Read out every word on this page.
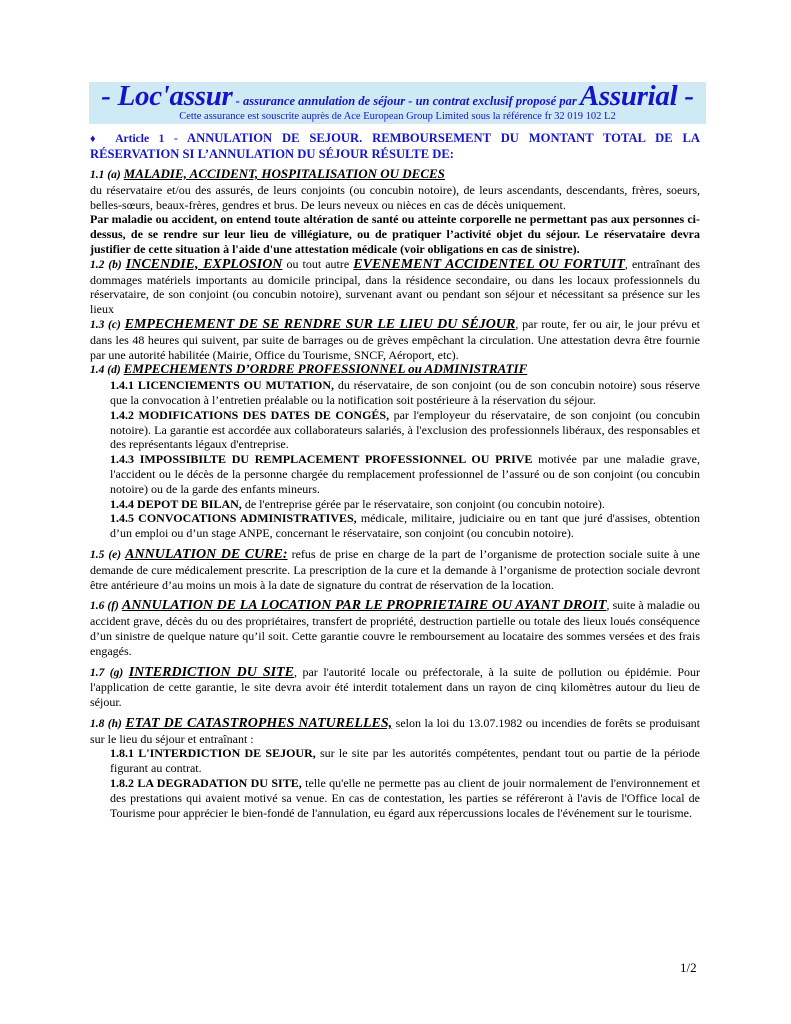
- Loc'assur - assurance annulation de séjour - un contrat exclusif proposé par Assurial -
Cette assurance est souscrite auprès de Ace European Group Limited sous la référence fr 32 019 102 L2
♦ Article 1 - ANNULATION DE SEJOUR. REMBOURSEMENT DU MONTANT TOTAL DE LA RÉSERVATION SI L’ANNULATION DU SÉJOUR RÉSULTE DE:

1.1 (a) MALADIE, ACCIDENT, HOSPITALISATION OU DECES
du réservataire et/ou des assurés, de leurs conjoints (ou concubin notoire), de leurs ascendants, descendants, frères, soeurs, belles-sœurs, beaux-frères, gendres et brus. De leurs neveux ou nièces en cas de décès uniquement.

Par maladie ou accident, on entend toute altération de santé ou atteinte corporelle ne permettant pas aux personnes ci-dessus, de se rendre sur leur lieu de villégiature, ou de pratiquer l’activité objet du séjour. Le réservataire devra justifier de cette situation à l'aide d'une attestation médicale (voir obligations en cas de sinistre).

1.2 (b) INCENDIE, EXPLOSION ou tout autre EVENEMENT ACCIDENTEL OU FORTUIT, entraînant des dommages matériels importants au domicile principal, dans la résidence secondaire, ou dans les locaux professionnels du réservataire, de son conjoint (ou concubin notoire), survenant avant ou pendant son séjour et nécessitant sa présence sur les lieux

1.3 (c) EMPECHEMENT DE SE RENDRE SUR LE LIEU DU SÉJOUR, par route, fer ou air, le jour prévu et dans les 48 heures qui suivent, par suite de barrages ou de grèves empêchant la circulation. Une attestation devra être fournie par une autorité habilitée (Mairie, Office du Tourisme, SNCF, Aéroport, etc).

1.4 (d) EMPECHEMENTS D’ORDRE PROFESSIONNEL ou ADMINISTRATIF

1.4.1 LICENCIEMENTS OU MUTATION, du réservataire, de son conjoint (ou de son concubin notoire) sous réserve que la convocation à l’entretien préalable ou la notification soit postérieure à la réservation du séjour.

1.4.2 MODIFICATIONS DES DATES DE CONGÉS, par l'employeur du réservataire, de son conjoint (ou concubin notoire). La garantie est accordée aux collaborateurs salariés, à l'exclusion des professionnels libéraux, des responsables et des représentants légaux d'entreprise.

1.4.3 IMPOSSIBILTE DU REMPLACEMENT PROFESSIONNEL OU PRIVE motivée par une maladie grave, l'accident ou le décès de la personne chargée du remplacement professionnel de l’assuré ou de son conjoint (ou concubin notoire) ou de la garde des enfants mineurs.

1.4.4 DEPOT DE BILAN, de l'entreprise gérée par le réservataire, son conjoint (ou concubin notoire).

1.4.5 CONVOCATIONS ADMINISTRATIVES, médicale, militaire, judiciaire ou en tant que juré d'assises, obtention d’un emploi ou d’un stage ANPE, concernant le réservataire, son conjoint (ou concubin notoire).

1.5 (e) ANNULATION DE CURE: refus de prise en charge de la part de l’organisme de protection sociale suite à une demande de cure médicalement prescrite. La prescription de la cure et la demande à l’organisme de protection sociale devront être antérieure d’au moins un mois à la date de signature du contrat de réservation de la location.

1.6 (f) ANNULATION DE LA LOCATION PAR LE PROPRIETAIRE OU AYANT DROIT, suite à maladie ou accident grave, décès du ou des propriétaires, transfert de propriété, destruction partielle ou totale des lieux loués conséquence d’un sinistre de quelque nature qu’il soit. Cette garantie couvre le remboursement au locataire des sommes versées et des frais engagés.

1.7 (g) INTERDICTION DU SITE, par l'autorité locale ou préfectorale, à la suite de pollution ou épidémie. Pour l'application de cette garantie, le site devra avoir été interdit totalement dans un rayon de cinq kilomètres autour du lieu de séjour.

1.8 (h) ETAT DE CATASTROPHES NATURELLES, selon la loi du 13.07.1982 ou incendies de forêts se produisant sur le lieu du séjour et entraînant :

1.8.1 L'INTERDICTION DE SEJOUR, sur le site par les autorités compétentes, pendant tout ou partie de la période figurant au contrat.

1.8.2 LA DEGRADATION DU SITE, telle qu'elle ne permette pas au client de jouir normalement de l'environnement et des prestations qui avaient motivé sa venue. En cas de contestation, les parties se référeront à l'avis de l'Office local de Tourisme pour apprécier le bien-fondé de l'annulation, eu égard aux répercussions locales de l'événement sur le tourisme.

1/2
